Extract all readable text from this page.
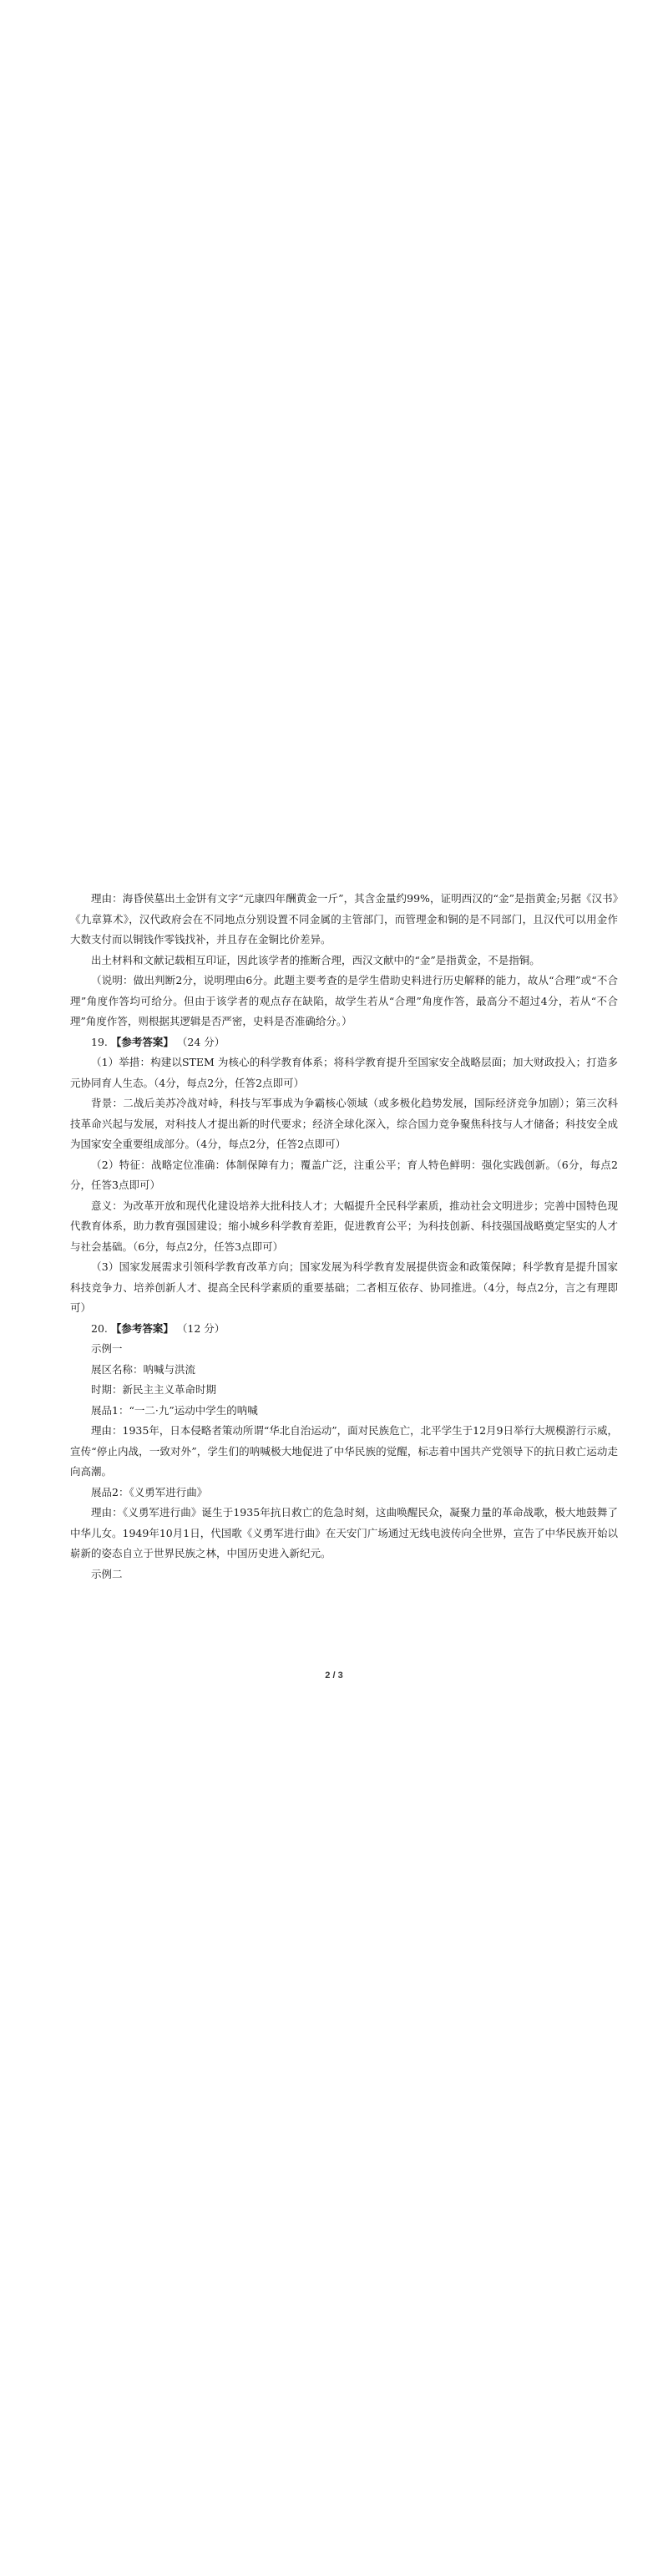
理由：海昏侯墓出土金饼有文字“元康四年酬黄金一斤”，其含金量约99%，证明西汉的“金”是指黄金;另据《汉书》《九章算术》，汉代政府会在不同地点分别设置不同金属的主管部门，而管理金和铜的是不同部门，且汉代可以用金作大数支付而以铜钱作零钱找补，并且存在金铜比价差异。

出土材料和文献记载相互印证，因此该学者的推断合理，西汉文献中的“金”是指黄金，不是指铜。

（说明：做出判断2分，说明理由6分。此题主要考查的是学生借助史料进行历史解释的能力，故从“合理”或“不合理”角度作答均可给分。但由于该学者的观点存在缺陷，故学生若从“合理”角度作答，最高分不超过4分，若从“不合理”角度作答，则根据其逻辑是否严密，史料是否准确给分。）

19. 【参考答案】 （24 分）

（1）举措：构建以STEM 为核心的科学教育体系；将科学教育提升至国家安全战略层面；加大财政投入；打造多元协同育人生态。（4分，每点2分，任答2点即可）

背景：二战后美苏冷战对峙，科技与军事成为争霸核心领域（或多极化趋势发展，国际经济竞争加剧）；第三次科技革命兴起与发展，对科技人才提出新的时代要求；经济全球化深入，综合国力竞争聚焦科技与人才储备；科技安全成为国家安全重要组成部分。（4分，每点2分，任答2点即可）

（2）特征：战略定位准确：体制保障有力；覆盖广泛，注重公平；育人特色鲜明：强化实践创新。（6分，每点2分，任答3点即可）

意义：为改革开放和现代化建设培养大批科技人才；大幅提升全民科学素质，推动社会文明进步；完善中国特色现代教育体系，助力教育强国建设；缩小城乡科学教育差距，促进教育公平；为科技创新、科技强国战略奠定坚实的人才与社会基础。（6分，每点2分，任答3点即可）

（3）国家发展需求引领科学教育改革方向；国家发展为科学教育发展提供资金和政策保障；科学教育是提升国家科技竞争力、培养创新人才、提高全民科学素质的重要基础；二者相互依存、协同推进。（4分，每点2分，言之有理即可）

20. 【参考答案】 （12 分）

示例一

展区名称：呐喊与洪流

时期：新民主主义革命时期

展品1：“一二·九”运动中学生的呐喊

理由：1935年，日本侵略者策动所谓“华北自治运动”，面对民族危亡，北平学生于12月9日举行大规模游行示威，宣传“停止内战，一致对外”，学生们的呐喊极大地促进了中华民族的觉醒，标志着中国共产党领导下的抗日救亡运动走向高潮。

展品2：《义勇军进行曲》

理由：《义勇军进行曲》诞生于1935年抗日救亡的危急时刻，这曲唤醒民众，凝聚力量的革命战歌，极大地鼓舞了中华儿女。1949年10月1日，代国歌《义勇军进行曲》在天安门广场通过无线电波传向全世界，宣告了中华民族开始以崭新的姿态自立于世界民族之林，中国历史进入新纪元。

示例二

2 / 3
